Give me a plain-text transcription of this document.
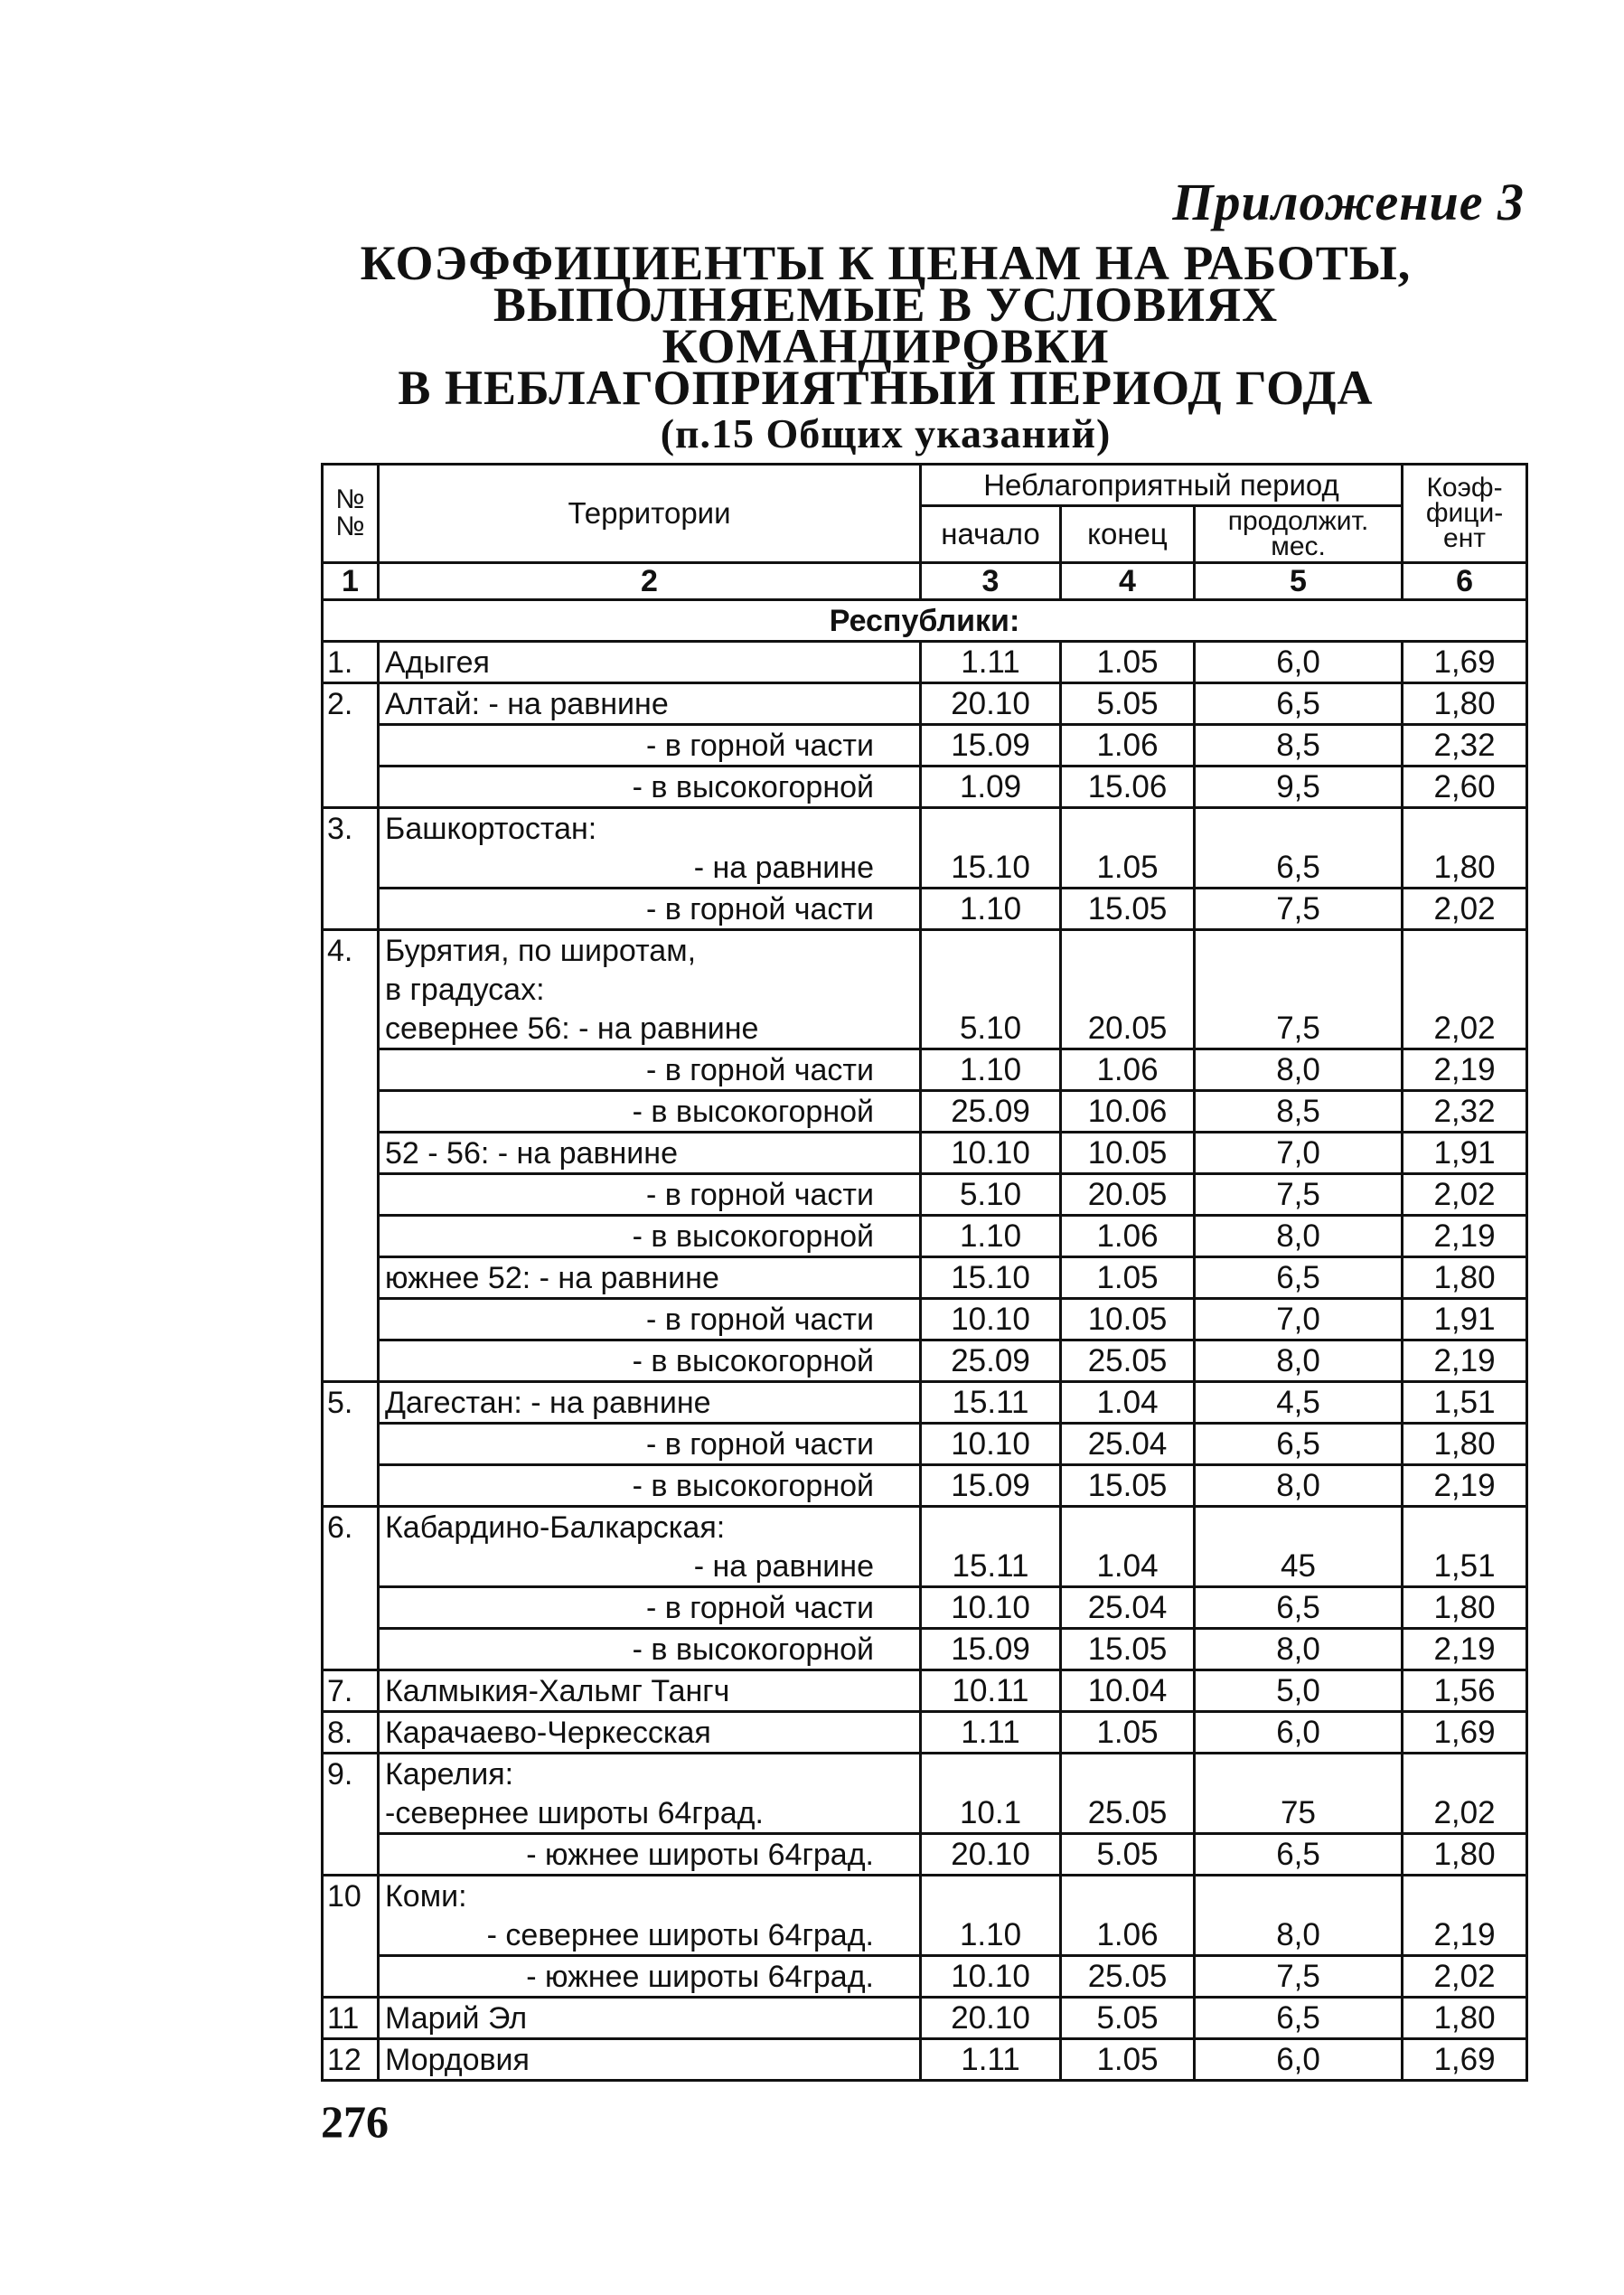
Приложение 3
КОЭФФИЦИЕНТЫ К ЦЕНАМ НА РАБОТЫ,
ВЫПОЛНЯЕМЫЕ В УСЛОВИЯХ
КОМАНДИРОВКИ
В НЕБЛАГОПРИЯТНЫЙ ПЕРИОД ГОДА
(п.15 Общих указаний)
№ №	Территории	Неблагоприятный период			Коэф- фици- ент
		начало	конец	продолжит. мес.	
1	2	3	4	5	6
Республики:					
1.	Адыгея	1.11	1.05	6,0	1,69
2.	Алтай: - на равнине	20.10	5.05	6,5	1,80
	- в горной части	15.09	1.06	8,5	2,32
	- в высокогорной	1.09	15.06	9,5	2,60
3.	Башкортостан:				
	- на равнине	15.10	1.05	6,5	1,80
	- в горной части	1.10	15.05	7,5	2,02
4.	Бурятия, по широтам,				
	в градусах:				
	севернее 56: - на равнине	5.10	20.05	7,5	2,02
	- в горной части	1.10	1.06	8,0	2,19
	- в высокогорной	25.09	10.06	8,5	2,32
	52 - 56: - на равнине	10.10	10.05	7,0	1,91
	- в горной части	5.10	20.05	7,5	2,02
	- в высокогорной	1.10	1.06	8,0	2,19
	южнее 52: - на равнине	15.10	1.05	6,5	1,80
	- в горной части	10.10	10.05	7,0	1,91
	- в высокогорной	25.09	25.05	8,0	2,19
5.	Дагестан: - на равнине	15.11	1.04	4,5	1,51
	- в горной части	10.10	25.04	6,5	1,80
	- в высокогорной	15.09	15.05	8,0	2,19
6.	Кабардино-Балкарская:				
	- на равнине	15.11	1.04	45	1,51
	- в горной части	10.10	25.04	6,5	1,80
	- в высокогорной	15.09	15.05	8,0	2,19
7.	Калмыкия-Хальмг Тангч	10.11	10.04	5,0	1,56
8.	Карачаево-Черкесская	1.11	1.05	6,0	1,69
9.	Карелия:				
	-севернее широты 64град.	10.1	25.05	75	2,02
	- южнее широты 64град.	20.10	5.05	6,5	1,80
10	Коми:				
	- севернее широты 64град.	1.10	1.06	8,0	2,19
	- южнее широты 64град.	10.10	25.05	7,5	2,02
11	Марий Эл	20.10	5.05	6,5	1,80
12	Мордовия	1.11	1.05	6,0	1,69
276
